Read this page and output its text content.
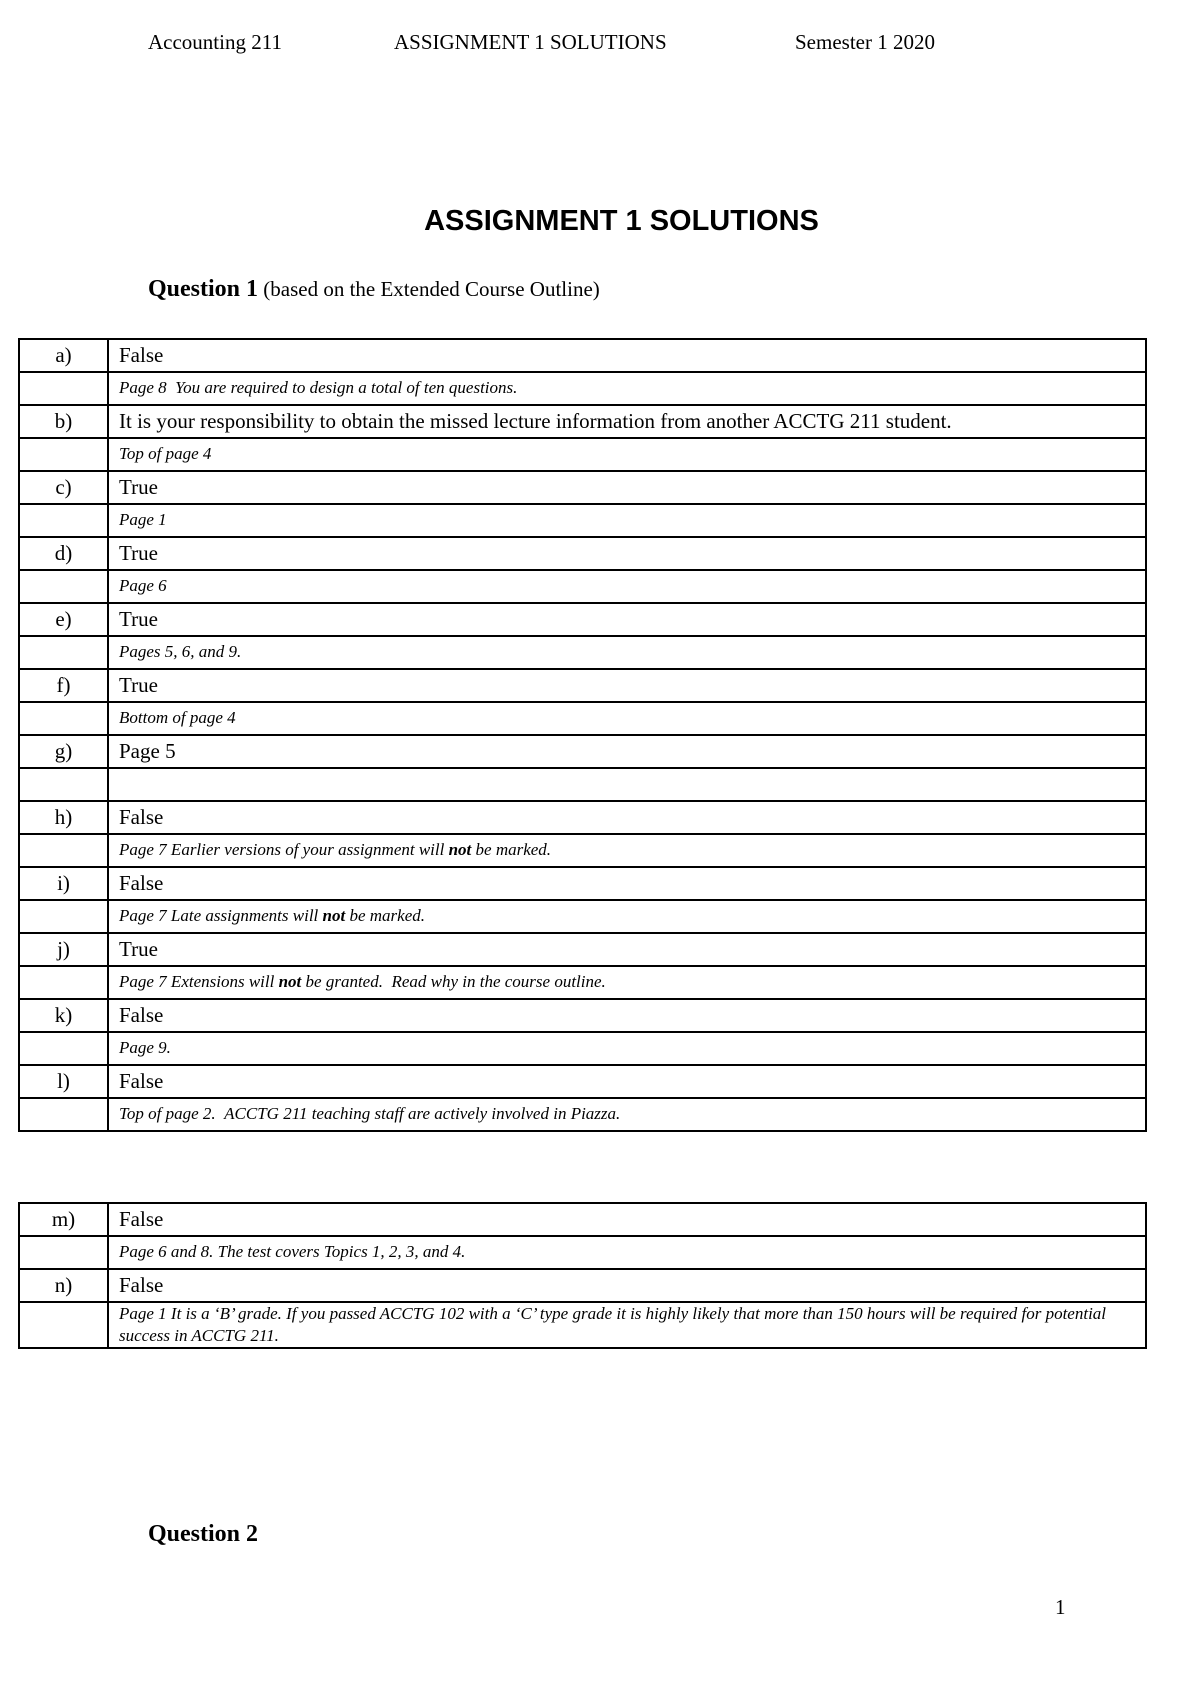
Accounting 211	ASSIGNMENT 1 SOLUTIONS	Semester 1 2020
ASSIGNMENT 1 SOLUTIONS
Question 1 (based on the Extended Course Outline)
a)	False
	Page 8  You are required to design a total of ten questions.
b)	It is your responsibility to obtain the missed lecture information from another ACCTG 211 student.
	Top of page 4
c)	True
	Page 1
d)	True
	Page 6
e)	True
	Pages 5, 6, and 9.
f)	True
	Bottom of page 4
g)	Page 5

h)	False
	Page 7 Earlier versions of your assignment will not be marked.
i)	False
	Page 7 Late assignments will not be marked.
j)	True
	Page 7 Extensions will not be granted.  Read why in the course outline.
k)	False
	Page 9.
l)	False
	Top of page 2.  ACCTG 211 teaching staff are actively involved in Piazza.
m)	False
	Page 6 and 8. The test covers Topics 1, 2, 3, and 4.
n)	False
	Page 1 It is a ‘B’ grade. If you passed ACCTG 102 with a ‘C’ type grade it is highly likely that more than 150 hours will be required for potential success in ACCTG 211.
Question 2
1
